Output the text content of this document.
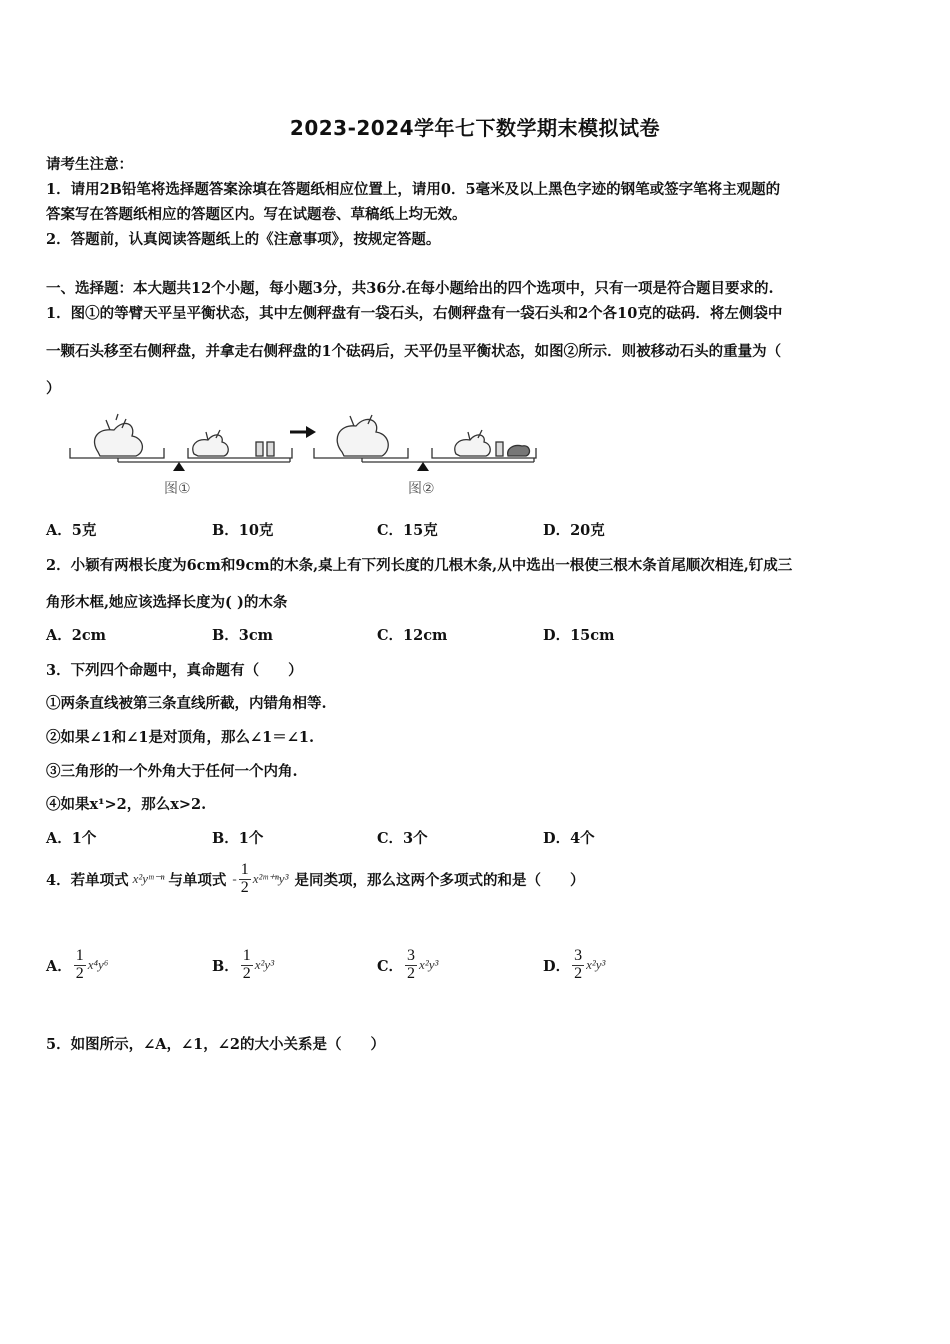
2023-2024学年七下数学期末模拟试卷
请考生注意：
1．请用2B铅笔将选择题答案涂填在答题纸相应位置上，请用0．5毫米及以上黑色字迹的钢笔或签字笔将主观题的
答案写在答题纸相应的答题区内。写在试题卷、草稿纸上均无效。
2．答题前，认真阅读答题纸上的《注意事项》，按规定答题。
一、选择题：本大题共12个小题，每小题3分，共36分.在每小题给出的四个选项中，只有一项是符合题目要求的.
1．图①的等臂天平呈平衡状态，其中左侧秤盘有一袋石头，右侧秤盘有一袋石头和2个各10克的砝码．将左侧袋中
一颗石头移至右侧秤盘，并拿走右侧秤盘的1个砝码后，天平仍呈平衡状态，如图②所示．则被移动石头的重量为（
）
图①	图②
A．5克	B．10克	C．15克	D．20克
2．小颖有两根长度为6cm和9cm的木条,桌上有下列长度的几根木条,从中选出一根使三根木条首尾顺次相连,钉成三
角形木框,她应该选择长度为( )的木条
A．2cm	B．3cm	C．12cm	D．15cm
3．下列四个命题中，真命题有（　　）
①两条直线被第三条直线所截，内错角相等.
②如果∠1和∠1是对顶角，那么∠1＝∠1.
③三角形的一个外角大于任何一个内角.
④如果x¹>2，那么x>2.
A．1个	B．1个	C．3个	D．4个
4．若单项式 x²yᵐ⁻ⁿ 与单项式 - $\frac{1}{2}$ x²ᵐ⁺ⁿy³ 是同类项，那么这两个多项式的和是（　　）
A． $\frac{1}{2} x^4y^6$	B． $\frac{1}{2} x^2y^3$	C． $\frac{3}{2} x^2y^3$	D． $\frac{3}{2} x^2y^3$
5．如图所示，∠A，∠1，∠2的大小关系是（　　）
